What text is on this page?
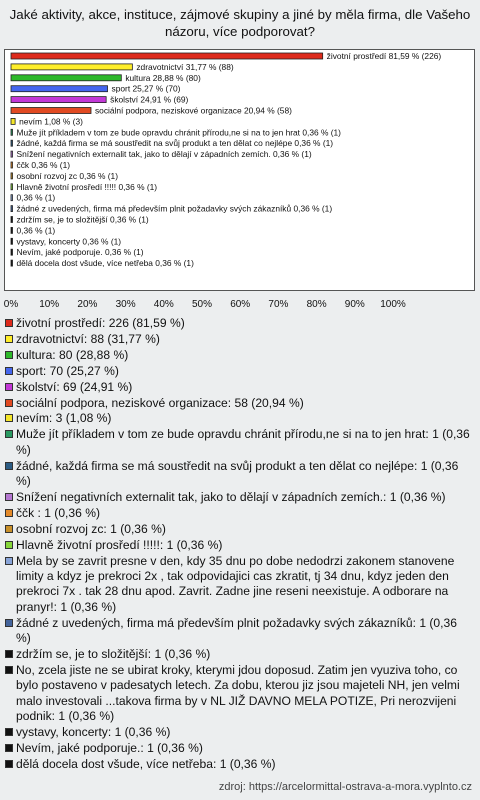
Jaké aktivity, akce, instituce, zájmové skupiny a jiné by měla firma, dle Vašeho názoru, více podporovat?
životní prostředí 81,59 % (226)
zdravotnictví 31,77 % (88)
kultura 28,88 % (80)
sport 25,27 % (70)
školství 24,91 % (69)
sociální podpora, neziskové organizace 20,94 % (58)
nevím 1,08 % (3)
Muže jít příkladem v tom ze bude opravdu chránit přírodu,ne si na to jen hrat 0,36 % (1)
žádné, každá firma se má soustředit na svůj produkt a ten dělat co nejlépe 0,36 % (1)
Snížení negativních externalit tak, jako to dělají v západních zemích. 0,36 % (1)
ččk 0,36 % (1)
osobní rozvoj zc 0,36 % (1)
Hlavně životní prosředí !!!!! 0,36 % (1)
0,36 % (1)
žádné z uvedených, firma má především plnit požadavky svých zákazníků 0,36 % (1)
zdržím se, je to složitější 0,36 % (1)
0,36 % (1)
vystavy, koncerty 0,36 % (1)
Nevím, jaké podporuje. 0,36 % (1)
dělá docela dost všude, více netřeba 0,36 % (1)
0% 10% 20% 30% 40% 50% 60% 70% 80% 90% 100%
životní prostředí: 226 (81,59 %)
zdravotnictví: 88 (31,77 %)
kultura: 80 (28,88 %)
sport: 70 (25,27 %)
školství: 69 (24,91 %)
sociální podpora, neziskové organizace: 58 (20,94 %)
nevím: 3 (1,08 %)
Muže jít příkladem v tom ze bude opravdu chránit přírodu,ne si na to jen hrat: 1 (0,36 %)
žádné, každá firma se má soustředit na svůj produkt a ten dělat co nejlépe: 1 (0,36 %)
Snížení negativních externalit tak, jako to dělají v západních zemích.: 1 (0,36 %)
ččk : 1 (0,36 %)
osobní rozvoj zc: 1 (0,36 %)
Hlavně životní prosředí !!!!!: 1 (0,36 %)
Mela by se zavrit presne v den, kdy 35 dnu po dobe nedodrzi zakonem stanovene limity a kdyz je prekroci 2x , tak odpovidajici cas zkratit, tj 34 dnu, kdyz jeden den prekroci 7x . tak 28 dnu apod. Zavrit. Zadne jine reseni neexistuje. A odborare na pranyr!: 1 (0,36 %)
žádné z uvedených, firma má především plnit požadavky svých zákazníků: 1 (0,36 %)
zdržím se, je to složitější: 1 (0,36 %)
No, zcela jiste ne se ubirat kroky, kterymi jdou doposud. Zatim jen vyuziva toho, co bylo postaveno v padesatych letech. Za dobu, kterou jiz jsou majeteli NH, jen velmi malo investovali ...takova firma by v NL JIŽ DAVNO MELA POTIZE, Pri nerozvijeni podnik: 1 (0,36 %)
vystavy, koncerty: 1 (0,36 %)
Nevím, jaké podporuje.: 1 (0,36 %)
dělá docela dost všude, více netřeba: 1 (0,36 %)
zdroj: https://arcelormittal-ostrava-a-mora.vyplnto.cz
